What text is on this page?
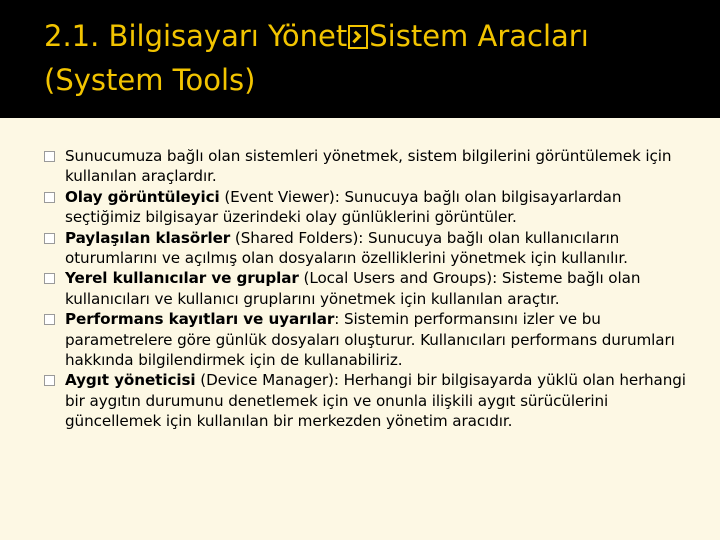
2.1. Bilgisayarı Yönet Sistem Aracları (System Tools)
Sunucumuza bağlı olan sistemleri yönetmek, sistem bilgilerini görüntülemek için kullanılan araçlardır.
Olay görüntüleyici (Event Viewer): Sunucuya bağlı olan bilgisayarlardan seçtiğimiz bilgisayar üzerindeki olay günlüklerini görüntüler.
Paylaşılan klasörler (Shared Folders): Sunucuya bağlı olan kullanıcıların oturumlarını ve açılmış olan dosyaların özelliklerini yönetmek için kullanılır.
Yerel kullanıcılar ve gruplar (Local Users and Groups): Sisteme bağlı olan kullanıcıları ve kullanıcı gruplarını yönetmek için kullanılan araçtır.
Performans kayıtları ve uyarılar: Sistemin performansını izler ve bu parametrelere göre günlük dosyaları oluşturur. Kullanıcıları performans durumları hakkında bilgilendirmek için de kullanabiliriz.
Aygıt yöneticisi (Device Manager): Herhangi bir bilgisayarda yüklü olan herhangi bir aygıtın durumunu denetlemek için ve onunla ilişkili aygıt sürücülerini güncellemek için kullanılan bir merkezden yönetim aracıdır.
